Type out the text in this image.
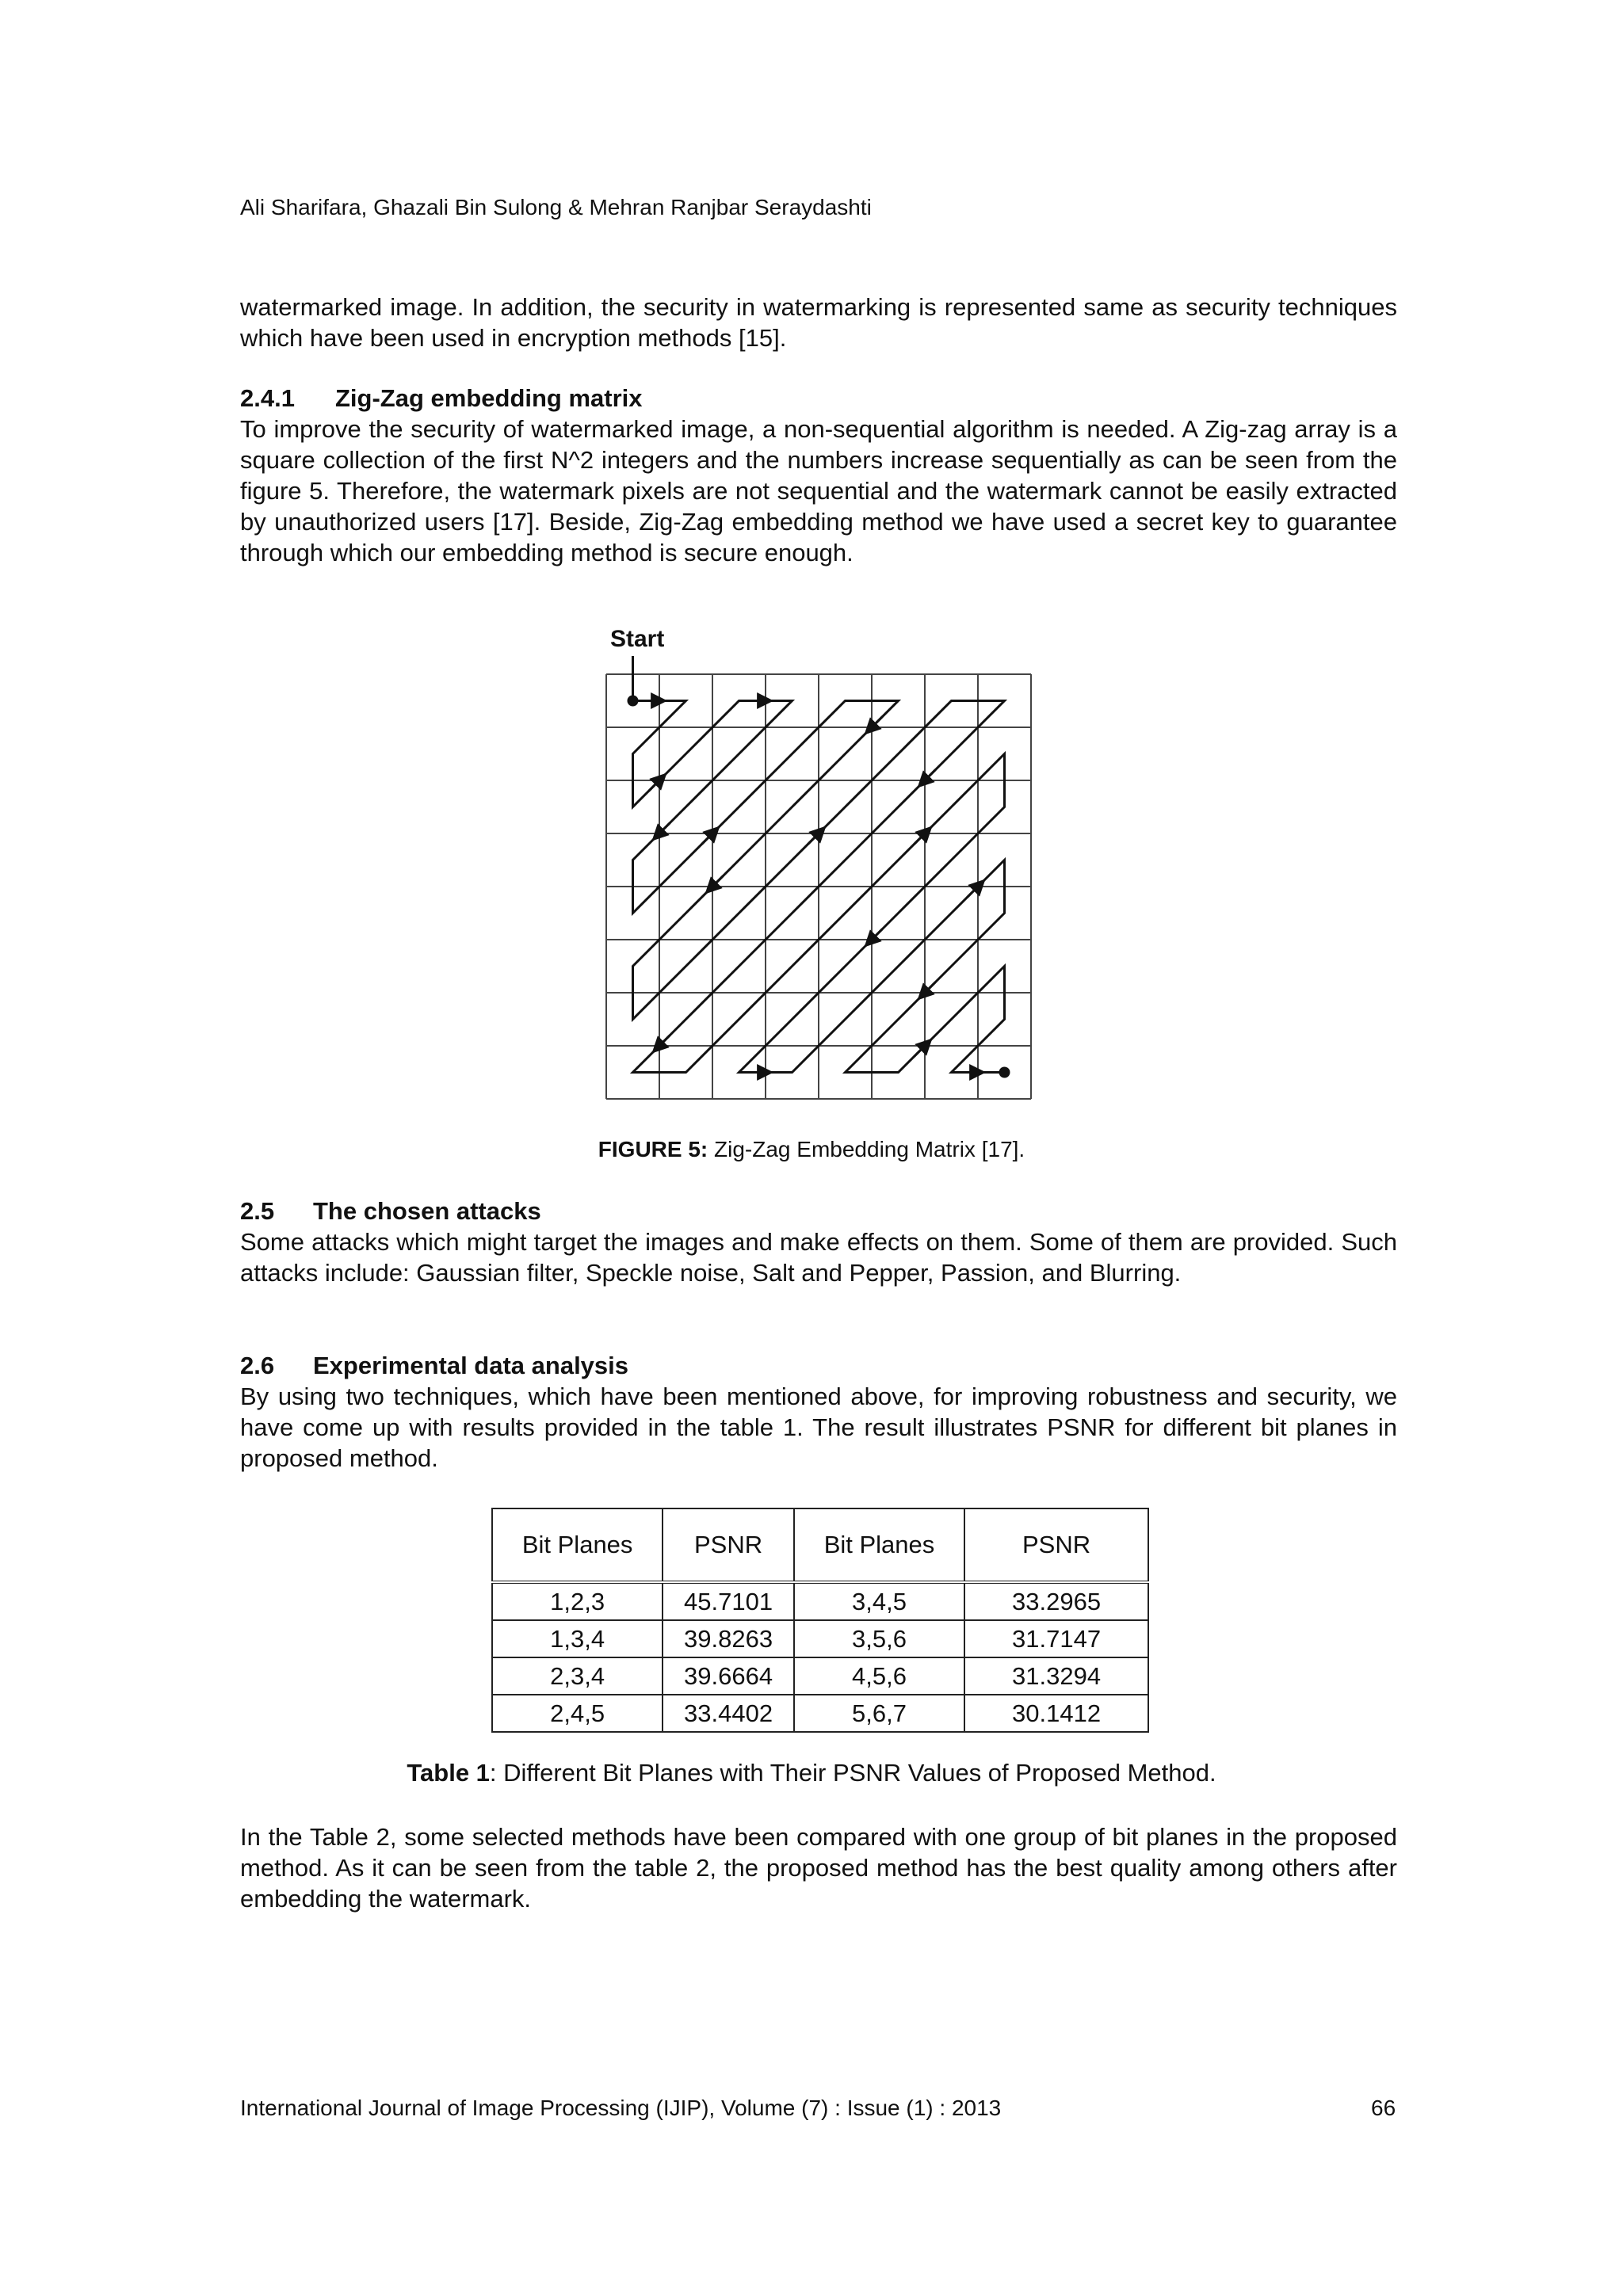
Ali Sharifara, Ghazali Bin Sulong & Mehran Ranjbar Seraydashti
watermarked image. In addition, the security in watermarking is represented same as security techniques which have been used in encryption methods [15].
2.4.1 Zig-Zag embedding matrix
To improve the security of watermarked image, a non-sequential algorithm is needed. A Zig-zag array is a square collection of the first N^2 integers and the numbers increase sequentially as can be seen from the figure 5. Therefore, the watermark pixels are not sequential and the watermark cannot be easily extracted by unauthorized users [17]. Beside, Zig-Zag embedding method we have used a secret key to guarantee through which our embedding method is secure enough.
Start
FIGURE 5: Zig-Zag Embedding Matrix [17].
2.5 The chosen attacks
Some attacks which might target the images and make effects on them. Some of them are provided. Such attacks include: Gaussian filter, Speckle noise, Salt and Pepper, Passion, and Blurring.
2.6 Experimental data analysis
By using two techniques, which have been mentioned above, for improving robustness and security, we have come up with results provided in the table 1. The result illustrates PSNR for different bit planes in proposed method.
Bit Planes	PSNR	Bit Planes	PSNR
1,2,3	45.7101	3,4,5	33.2965
1,3,4	39.8263	3,5,6	31.7147
2,3,4	39.6664	4,5,6	31.3294
2,4,5	33.4402	5,6,7	30.1412
Table 1: Different Bit Planes with Their PSNR Values of Proposed Method.
In the Table 2, some selected methods have been compared with one group of bit planes in the proposed method. As it can be seen from the table 2, the proposed method has the best quality among others after embedding the watermark.
International Journal of Image Processing (IJIP), Volume (7) : Issue (1) : 2013	66
